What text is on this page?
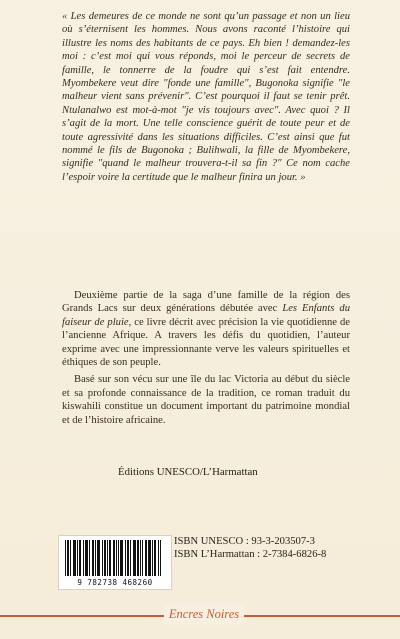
« Les demeures de ce monde ne sont qu’un passage et non un lieu où s’éternisent les hommes. Nous avons raconté l’histoire qui illustre les noms des habitants de ce pays. Eh bien ! demandez-les moi : c’est moi qui vous réponds, moi le perceur de secrets de famille, le tonnerre de la foudre qui s’est fait entendre. Myombekere veut dire "fonde une famille", Bugonoka signifie "le malheur vient sans prévenir". C’est pourquoi il faut se tenir prêt. Ntulanalwo est mot-à-mot "je vis toujours avec". Avec quoi ? Il s’agit de la mort. Une telle conscience guérit de toute peur et de toute agressivité dans les situations difficiles. C’est ainsi que fut nommé le fils de Bugonoka ; Bulihwali, la fille de Myombekere, signifie "quand le malheur trouvera-t-il sa fin ?" Ce nom cache l’espoir voire la certitude que le malheur finira un jour. »

Deuxième partie de la saga d’une famille de la région des Grands Lacs sur deux générations débutée avec Les Enfants du faiseur de pluie, ce livre décrit avec précision la vie quotidienne de l’ancienne Afrique. A travers les défis du quotidien, l’auteur exprime avec une impressionnante verve les valeurs spirituelles et éthiques de son peuple.

Basé sur son vécu sur une île du lac Victoria au début du siècle et sa profonde connaissance de la tradition, ce roman traduit du kiswahili constitue un document important du patrimoine mondial et de l’histoire africaine.

Éditions UNESCO/L’Harmattan
9 782738 468260
ISBN UNESCO : 93-3-203507-3
ISBN L’Harmattan : 2-7384-6826-8
Encres Noires
